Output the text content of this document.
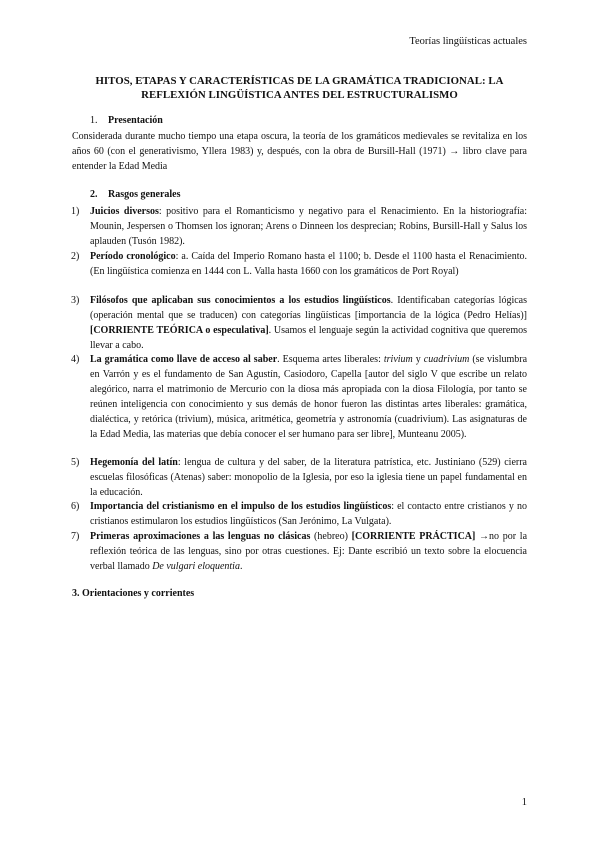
Teorías lingüísticas actuales
HITOS, ETAPAS Y CARACTERÍSTICAS DE LA GRAMÁTICA TRADICIONAL: LA
REFLEXIÓN LINGÜÍSTICA ANTES DEL ESTRUCTURALISMO
1. Presentación
Considerada durante mucho tiempo una etapa oscura, la teoría de los gramáticos medievales se revitaliza en los años 60 (con el generativismo, Yllera 1983) y, después, con la obra de Bursill-Hall (1971) → libro clave para entender la Edad Media
2. Rasgos generales
1) Juicios diversos: positivo para el Romanticismo y negativo para el Renacimiento. En la historiografía: Mounin, Jespersen o Thomsen los ignoran; Arens o Dinneen los desprecian; Robins, Bursill-Hall y Salus los aplauden (Tusón 1982).
2) Período cronológico: a. Caída del Imperio Romano hasta el 1100; b. Desde el 1100 hasta el Renacimiento. (En lingüística comienza en 1444 con L. Valla hasta 1660 con los gramáticos de Port Royal)
3) Filósofos que aplicaban sus conocimientos a los estudios lingüísticos. Identificaban categorías lógicas (operación mental que se traducen) con categorías lingüísticas [importancia de la lógica (Pedro Helías)] [CORRIENTE TEÓRICA o especulativa]. Usamos el lenguaje según la actividad cognitiva que queremos llevar a cabo.
4) La gramática como llave de acceso al saber. Esquema artes liberales: trivium y cuadrivium (se vislumbra en Varrón y es el fundamento de San Agustín, Casiodoro, Capella [autor del siglo V que escribe un relato alegórico, narra el matrimonio de Mercurio con la diosa más apropiada con la diosa Filología, por tanto se reúnen inteligencia con conocimiento y sus demás de honor fueron las distintas artes liberales: gramática, dialéctica, y retórica (trivium), música, aritmética, geometría y astronomía (cuadrivium). Las asignaturas de la Edad Media, las materias que debía conocer el ser humano para ser libre], Munteanu 2005).
5) Hegemonía del latín: lengua de cultura y del saber, de la literatura patrística, etc. Justiniano (529) cierra escuelas filosóficas (Atenas) saber: monopolio de la Iglesia, por eso la iglesia tiene un papel fundamental en la educación.
6) Importancia del cristianismo en el impulso de los estudios lingüísticos: el contacto entre cristianos y no cristianos estimularon los estudios lingüísticos (San Jerónimo, La Vulgata).
7) Primeras aproximaciones a las lenguas no clásicas (hebreo) [CORRIENTE PRÁCTICA] →no por la reflexión teórica de las lenguas, sino por otras cuestiones. Ej: Dante escribió un texto sobre la elocuencia verbal llamado De vulgari eloquentia.
3. Orientaciones y corrientes
1
